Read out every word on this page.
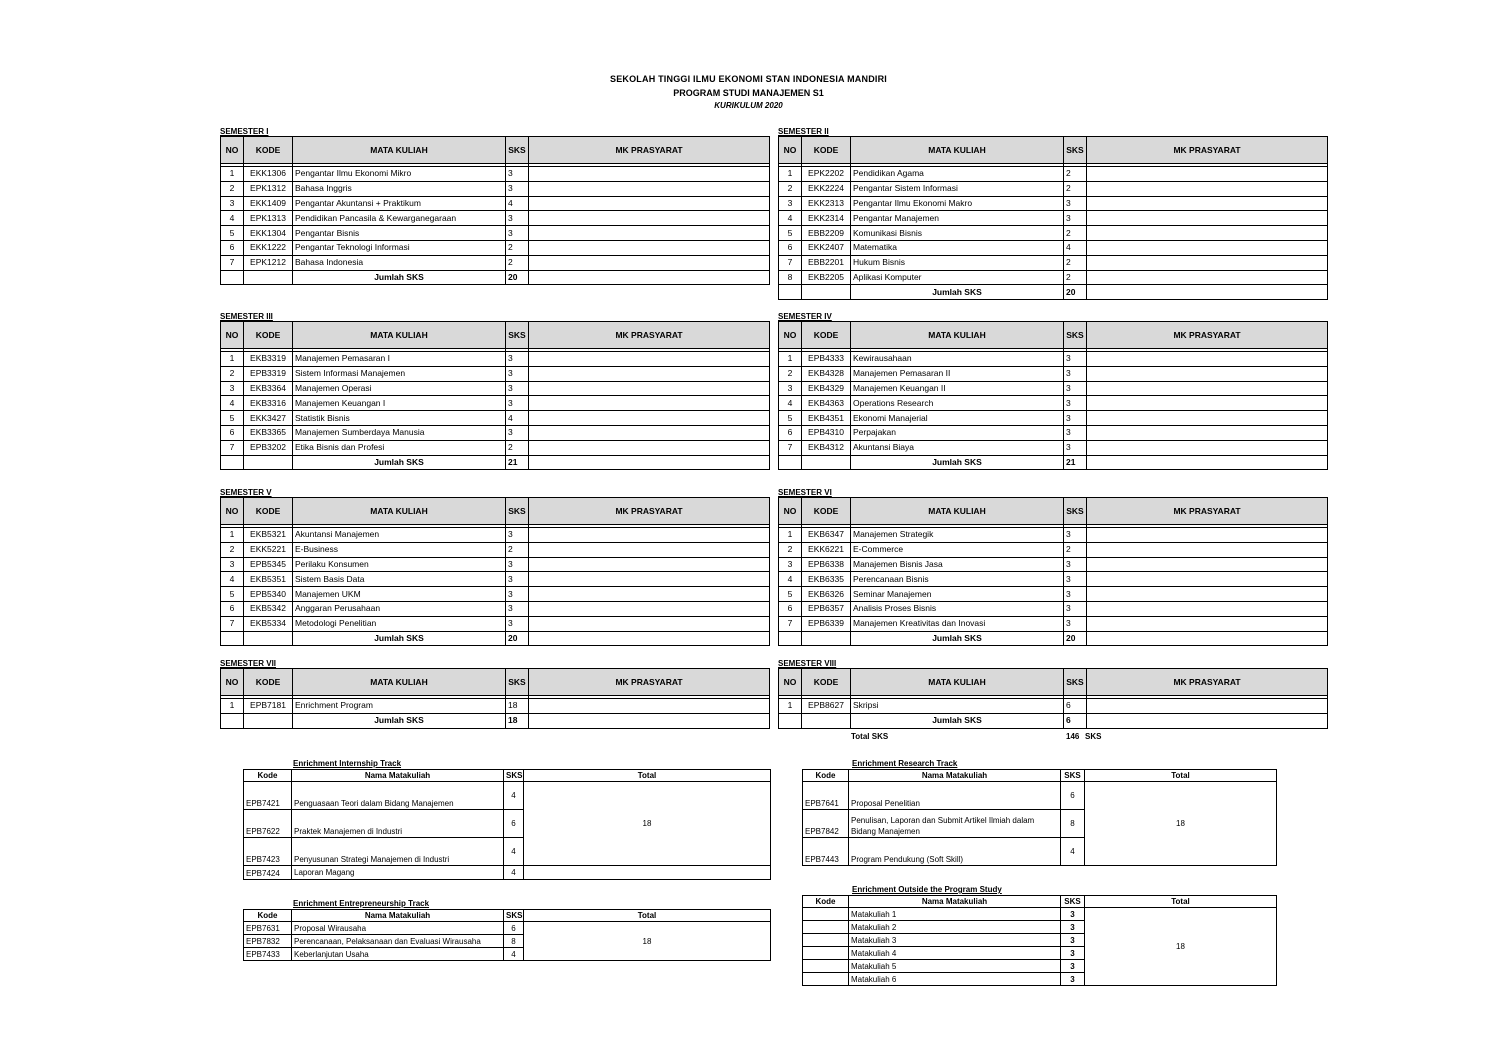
SEKOLAH TINGGI ILMU EKONOMI STAN INDONESIA MANDIRI
PROGRAM STUDI MANAJEMEN S1
KURIKULUM 2020
SEMESTER I
NO	KODE	MATA KULIAH	SKS	MK PRASYARAT

1	EKK1306	Pengantar Ilmu Ekonomi Mikro	3	
2	EPK1312	Bahasa Inggris	3	
3	EKK1409	Pengantar Akuntansi + Praktikum	4	
4	EPK1313	Pendidikan Pancasila & Kewarganegaraan	3	
5	EKK1304	Pengantar Bisnis	3	
6	EKK1222	Pengantar Teknologi Informasi	2	
7	EPK1212	Bahasa Indonesia	2	
		Jumlah SKS	20	
SEMESTER II
NO	KODE	MATA KULIAH	SKS	MK PRASYARAT

1	EPK2202	Pendidikan Agama	2	
2	EKK2224	Pengantar Sistem Informasi	2	
3	EKK2313	Pengantar Ilmu Ekonomi Makro	3	
4	EKK2314	Pengantar Manajemen	3	
5	EBB2209	Komunikasi Bisnis	2	
6	EKK2407	Matematika	4	
7	EBB2201	Hukum Bisnis	2	
8	EKB2205	Aplikasi Komputer	2	
		Jumlah SKS	20	
SEMESTER III
NO	KODE	MATA KULIAH	SKS	MK PRASYARAT

1	EKB3319	Manajemen Pemasaran I	3	
2	EPB3319	Sistem Informasi Manajemen	3	
3	EKB3364	Manajemen Operasi	3	
4	EKB3316	Manajemen Keuangan I	3	
5	EKK3427	Statistik Bisnis	4	
6	EKB3365	Manajemen Sumberdaya Manusia	3	
7	EPB3202	Etika Bisnis dan Profesi	2	
		Jumlah SKS	21	
SEMESTER IV
NO	KODE	MATA KULIAH	SKS	MK PRASYARAT

1	EPB4333	Kewirausahaan	3	
2	EKB4328	Manajemen Pemasaran II	3	
3	EKB4329	Manajemen Keuangan II	3	
4	EKB4363	Operations Research	3	
5	EKB4351	Ekonomi Manajerial	3	
6	EPB4310	Perpajakan	3	
7	EKB4312	Akuntansi Biaya	3	
		Jumlah SKS	21	
SEMESTER V
NO	KODE	MATA KULIAH	SKS	MK PRASYARAT

1	EKB5321	Akuntansi Manajemen	3	
2	EKK5221	E-Business	2	
3	EPB5345	Perilaku Konsumen	3	
4	EKB5351	Sistem Basis Data	3	
5	EPB5340	Manajemen UKM	3	
6	EKB5342	Anggaran Perusahaan	3	
7	EKB5334	Metodologi Penelitian	3	
		Jumlah SKS	20	
SEMESTER VI
NO	KODE	MATA KULIAH	SKS	MK PRASYARAT

1	EKB6347	Manajemen Strategik	3	
2	EKK6221	E-Commerce	2	
3	EPB6338	Manajemen Bisnis Jasa	3	
4	EKB6335	Perencanaan Bisnis	3	
5	EKB6326	Seminar Manajemen	3	
6	EPB6357	Analisis Proses Bisnis	3	
7	EPB6339	Manajemen Kreativitas dan Inovasi	3	
		Jumlah SKS	20	
SEMESTER VII
NO	KODE	MATA KULIAH	SKS	MK PRASYARAT

1	EPB7181	Enrichment Program	18	
		Jumlah SKS	18	
SEMESTER VIII
NO	KODE	MATA KULIAH	SKS	MK PRASYARAT

1	EPB8627	Skripsi	6	
		Jumlah SKS	6	
Total SKS	146 SKS
Enrichment Internship Track
Kode	Nama Matakuliah	SKS	Total
EPB7421	Penguasaan Teori dalam Bidang Manajemen	4	18
EPB7622	Praktek Manajemen di Industri	6	
EPB7423	Penyusunan Strategi Manajemen di Industri	4	
EPB7424	Laporan Magang	4	
Enrichment Research Track
Kode	Nama Matakuliah	SKS	Total
EPB7641	Proposal Penelitian	6	18
EPB7842	Penulisan, Laporan dan Submit Artikel Ilmiah dalam Bidang Manajemen	8	
EPB7443	Program Pendukung (Soft Skill)	4	
Enrichment Entrepreneurship Track
Kode	Nama Matakuliah	SKS	Total
EPB7631	Proposal Wirausaha	6	18
EPB7832	Perencanaan, Pelaksanaan dan Evaluasi Wirausaha	8	
EPB7433	Keberlanjutan Usaha	4	
Enrichment Outside the Program Study
Kode	Nama Matakuliah	SKS	Total
	Matakuliah 1	3	18
	Matakuliah 2	3	
	Matakuliah 3	3	
	Matakuliah 4	3	
	Matakuliah 5	3	
	Matakuliah 6	3	
